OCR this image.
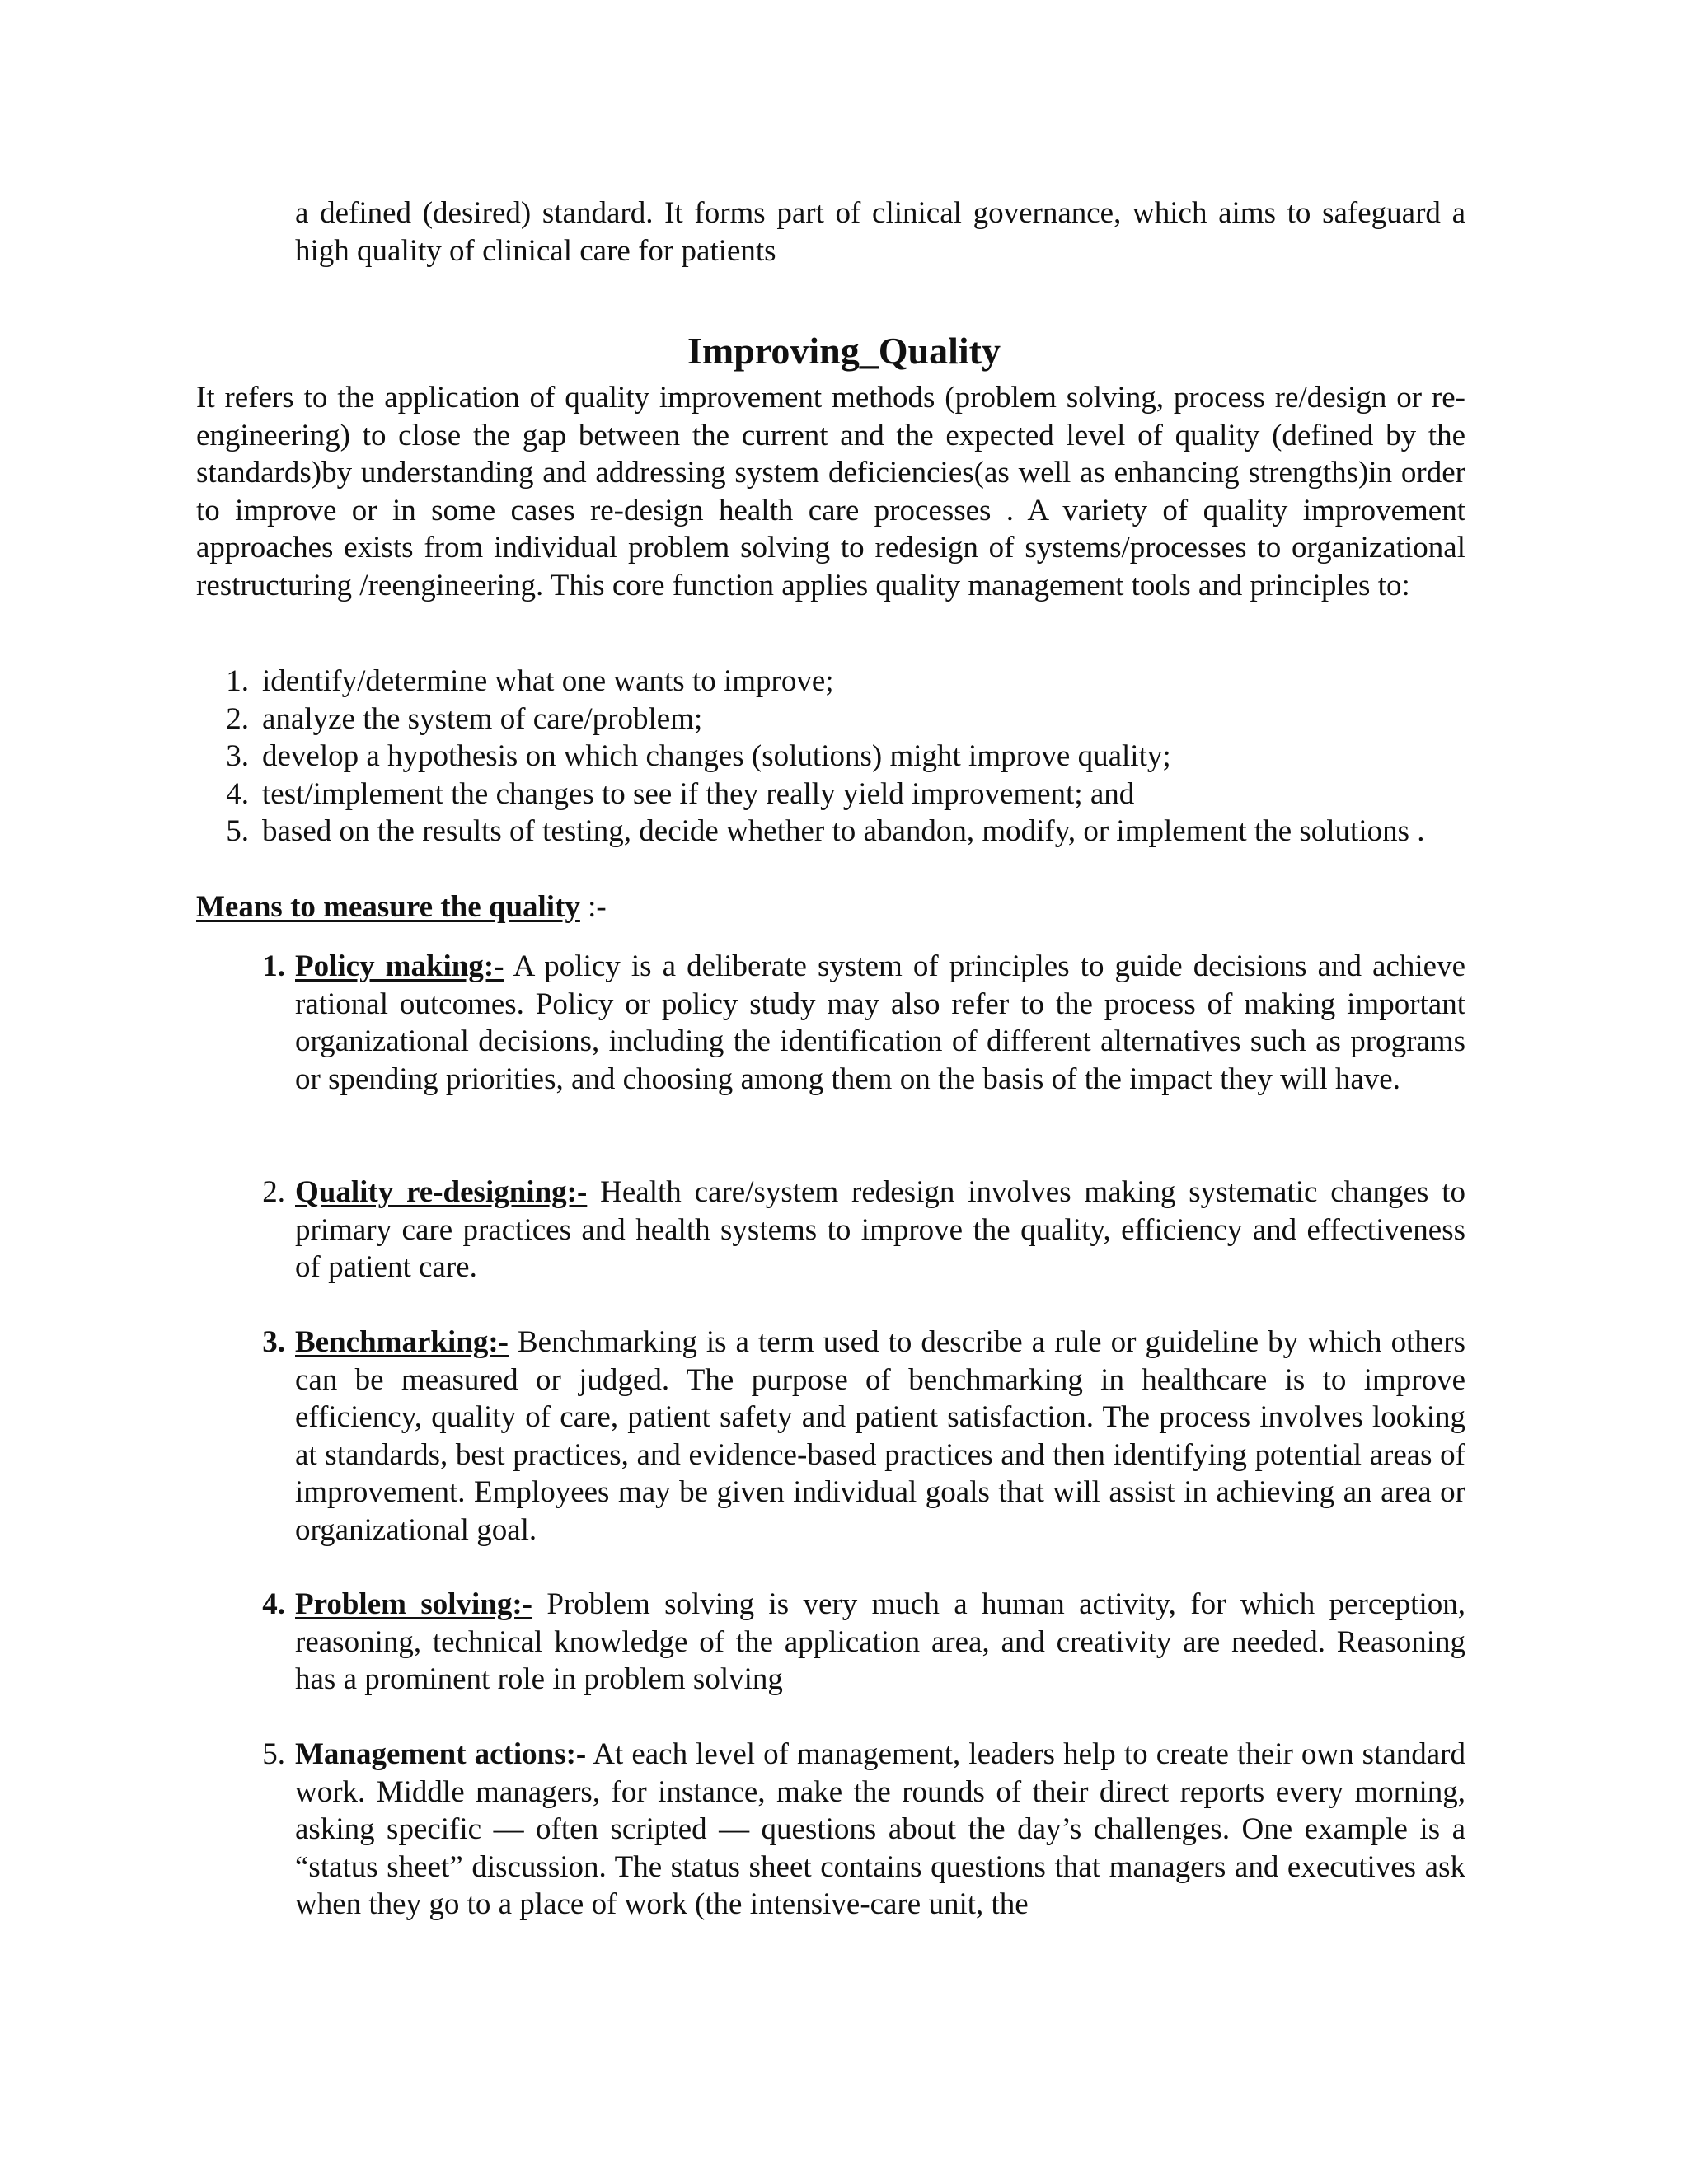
a defined (desired) standard. It forms part of clinical governance, which aims to safeguard a high quality of clinical care for patients

Improving_Quality

It refers to the application of quality improvement methods (problem solving, process re/design or re-engineering) to close the gap between the current and the expected level of quality (defined by the standards)by understanding and addressing system deficiencies(as well as enhancing strengths)in order to improve or in some cases re-design health care processes . A variety of quality improvement approaches exists from individual problem solving to redesign of systems/processes to organizational restructuring /reengineering. This core function applies quality management tools and principles to:

1. identify/determine what one wants to improve;
2. analyze the system of care/problem;
3. develop a hypothesis on which changes (solutions) might improve quality;
4. test/implement the changes to see if they really yield improvement; and
5. based on the results of testing, decide whether to abandon, modify, or implement the solutions .

Means to measure the quality :-

1. Policy making:- A policy is a deliberate system of principles to guide decisions and achieve rational outcomes. Policy or policy study may also refer to the process of making important organizational decisions, including the identification of different alternatives such as programs or spending priorities, and choosing among them on the basis of the impact they will have.
2. Quality re-designing:- Health care/system redesign involves making systematic changes to primary care practices and health systems to improve the quality, efficiency and effectiveness of patient care.
3. Benchmarking:- Benchmarking is a term used to describe a rule or guideline by which others can be measured or judged. The purpose of benchmarking in healthcare is to improve efficiency, quality of care, patient safety and patient satisfaction. The process involves looking at standards, best practices, and evidence-based practices and then identifying potential areas of improvement. Employees may be given individual goals that will assist in achieving an area or organizational goal.
4. Problem solving:- Problem solving is very much a human activity, for which perception, reasoning, technical knowledge of the application area, and creativity are needed. Reasoning has a prominent role in problem solving
5. Management actions:- At each level of management, leaders help to create their own standard work. Middle managers, for instance, make the rounds of their direct reports every morning, asking specific — often scripted — questions about the day’s challenges. One example is a “status sheet” discussion. The status sheet contains questions that managers and executives ask when they go to a place of work (the intensive-care unit, the
